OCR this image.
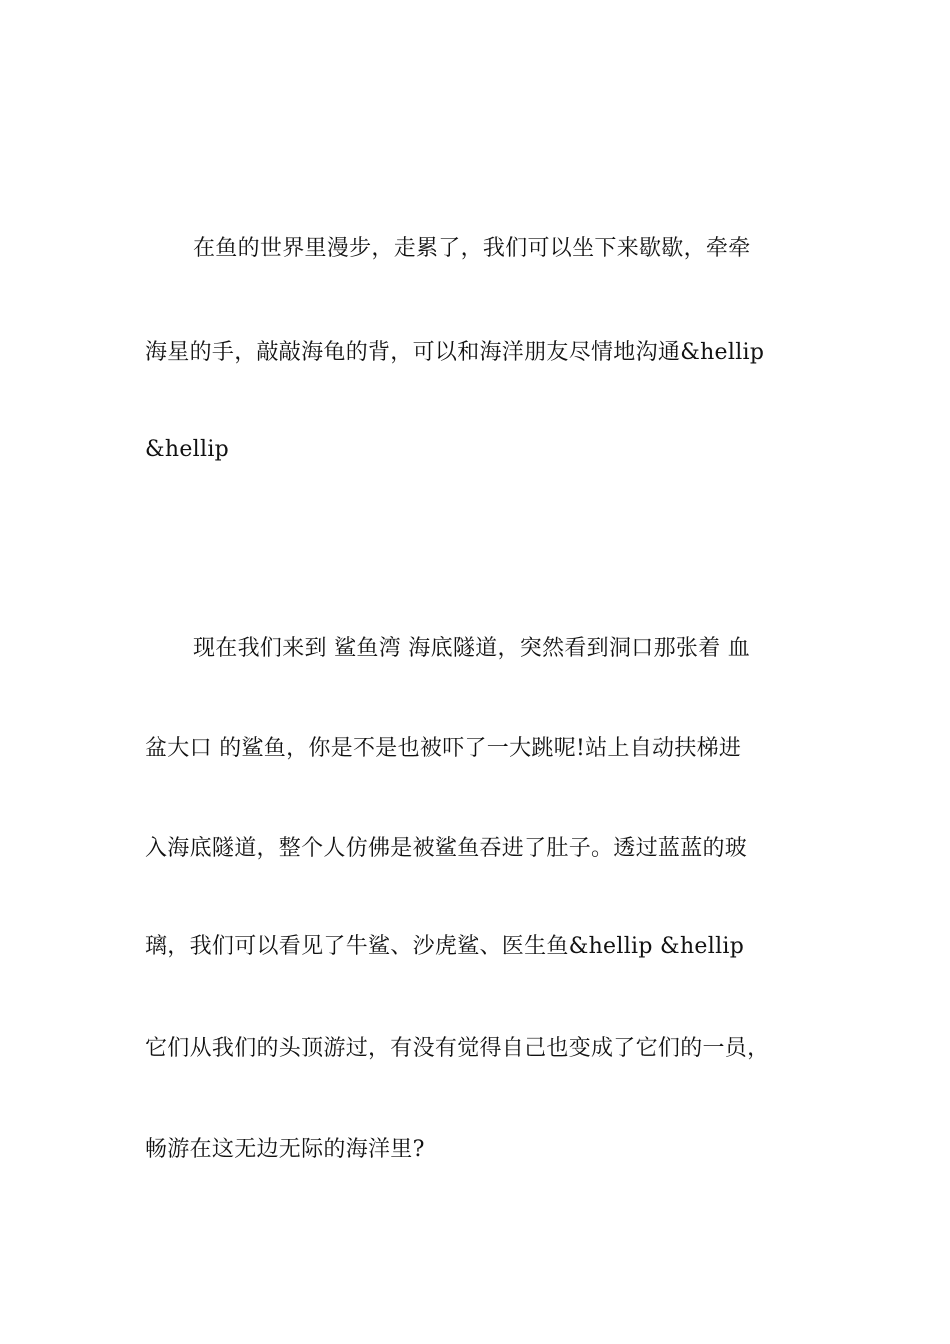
在鱼的世界里漫步，走累了，我们可以坐下来歇歇，牵牵
海星的手，敲敲海龟的背，可以和海洋朋友尽情地沟通&hellip
&hellip
现在我们来到 鲨鱼湾 海底隧道，突然看到洞口那张着 血
盆大口 的鲨鱼，你是不是也被吓了一大跳呢!站上自动扶梯进
入海底隧道，整个人仿佛是被鲨鱼吞进了肚子。透过蓝蓝的玻
璃，我们可以看见了牛鲨、沙虎鲨、医生鱼&hellip &hellip
它们从我们的头顶游过，有没有觉得自己也变成了它们的一员，
畅游在这无边无际的海洋里?
